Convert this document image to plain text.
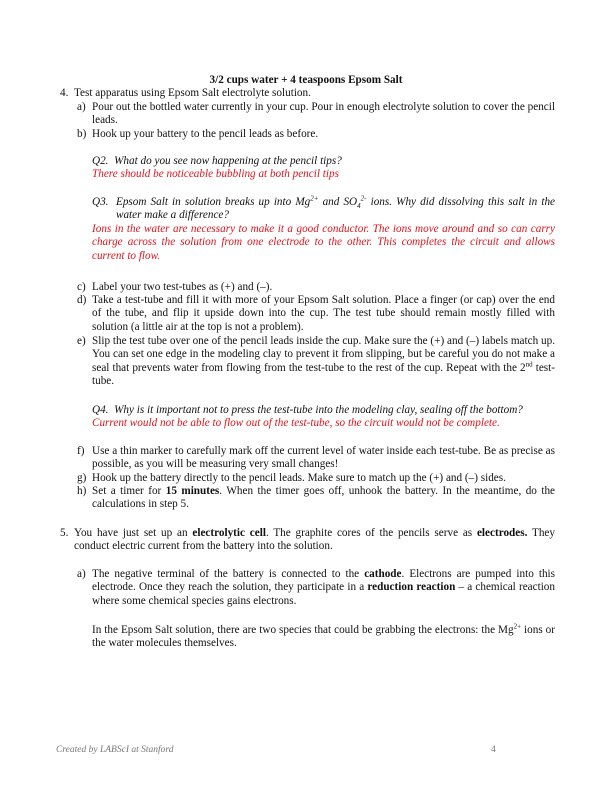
3/2 cups water + 4 teaspoons Epsom Salt
4. Test apparatus using Epsom Salt electrolyte solution.
a) Pour out the bottled water currently in your cup. Pour in enough electrolyte solution to cover the pencil leads.
b) Hook up your battery to the pencil leads as before.
Q2. What do you see now happening at the pencil tips?
There should be noticeable bubbling at both pencil tips
Q3. Epsom Salt in solution breaks up into $Mg^{2+}$ and $SO_4^{2-}$ ions. Why did dissolving this salt in the water make a difference?
Ions in the water are necessary to make it a good conductor. The ions move around and so can carry charge across the solution from one electrode to the other. This completes the circuit and allows current to flow.
c) Label your two test-tubes as (+) and (–).
d) Take a test-tube and fill it with more of your Epsom Salt solution. Place a finger (or cap) over the end of the tube, and flip it upside down into the cup. The test tube should remain mostly filled with solution (a little air at the top is not a problem).
e) Slip the test tube over one of the pencil leads inside the cup. Make sure the (+) and (–) labels match up. You can set one edge in the modeling clay to prevent it from slipping, but be careful you do not make a seal that prevents water from flowing from the test-tube to the rest of the cup. Repeat with the 2nd test-tube.
Q4. Why is it important not to press the test-tube into the modeling clay, sealing off the bottom?
Current would not be able to flow out of the test-tube, so the circuit would not be complete.
f) Use a thin marker to carefully mark off the current level of water inside each test-tube. Be as precise as possible, as you will be measuring very small changes!
g) Hook up the battery directly to the pencil leads. Make sure to match up the (+) and (–) sides.
h) Set a timer for 15 minutes. When the timer goes off, unhook the battery. In the meantime, do the calculations in step 5.
5. You have just set up an electrolytic cell. The graphite cores of the pencils serve as electrodes. They conduct electric current from the battery into the solution.
a) The negative terminal of the battery is connected to the cathode. Electrons are pumped into this electrode. Once they reach the solution, they participate in a reduction reaction – a chemical reaction where some chemical species gains electrons.
In the Epsom Salt solution, there are two species that could be grabbing the electrons: the $Mg^{2+}$ ions or the water molecules themselves.
Created by LABScI at Stanford	4
